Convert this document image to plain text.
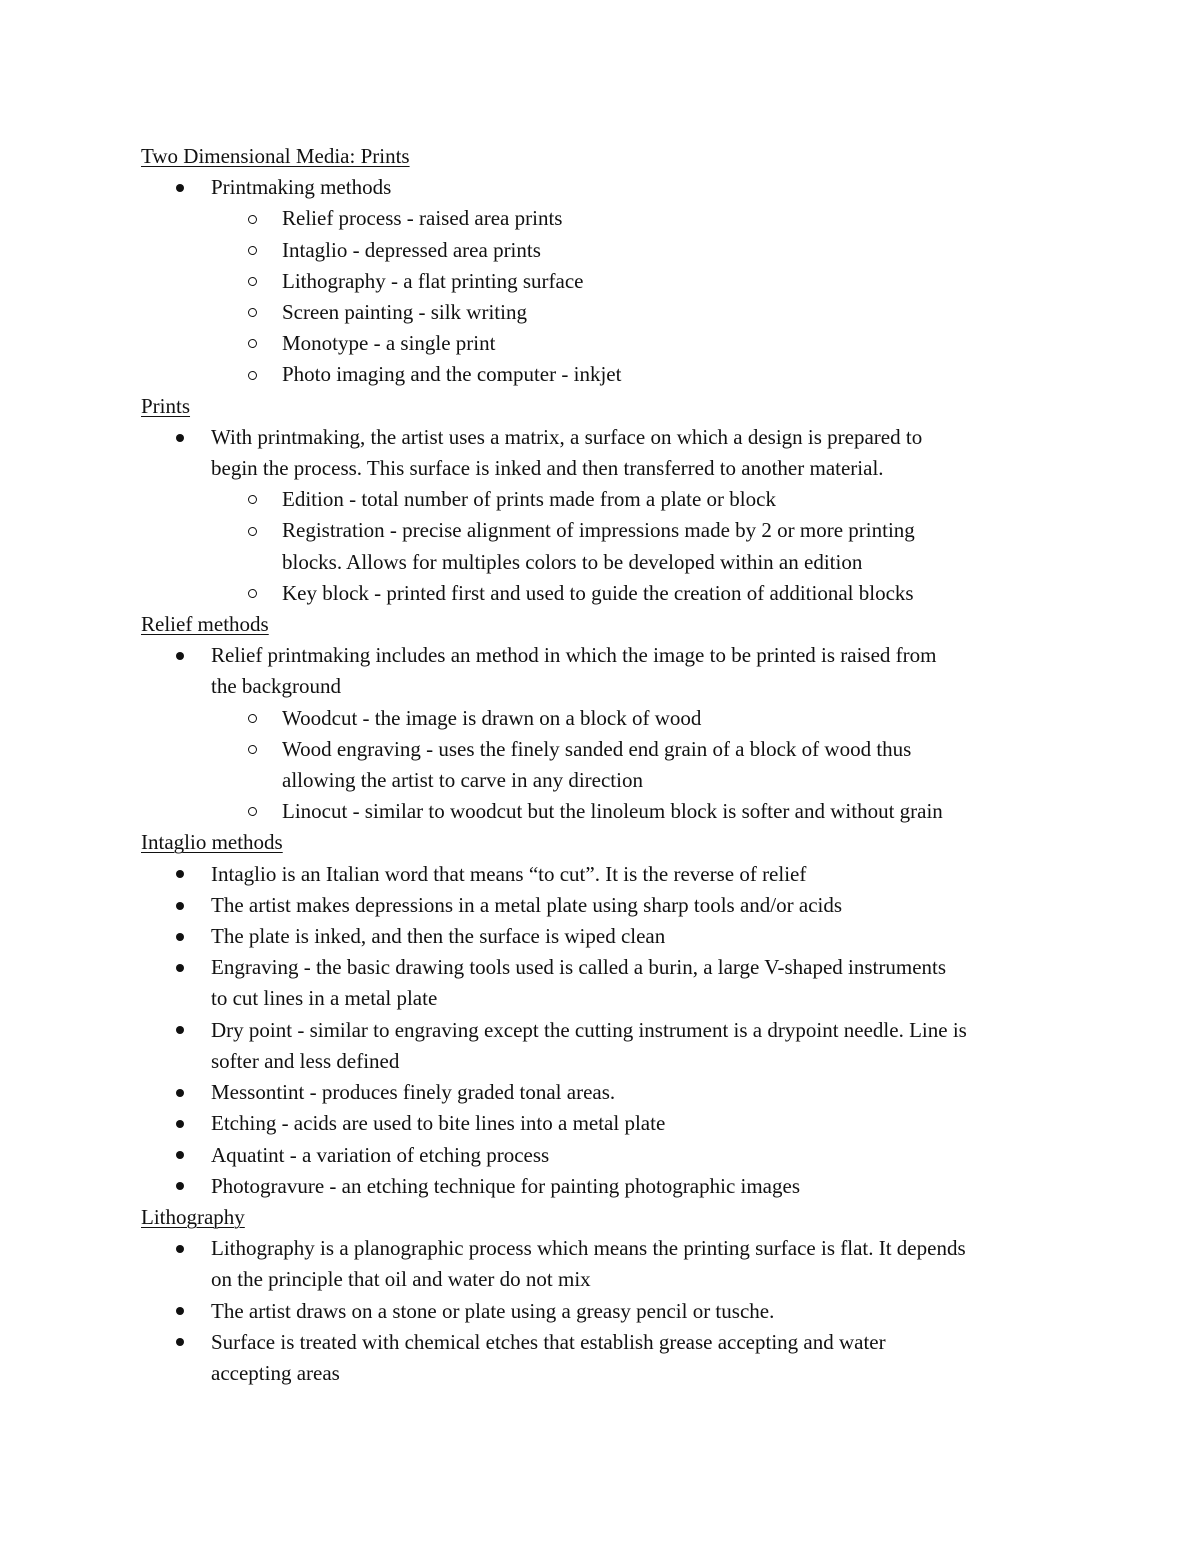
Two Dimensional Media: Prints
Printmaking methods
Relief process - raised area prints
Intaglio - depressed area prints
Lithography - a flat printing surface
Screen painting - silk writing
Monotype - a single print
Photo imaging and the computer - inkjet
Prints
With printmaking, the artist uses a matrix, a surface on which a design is prepared to
begin the process. This surface is inked and then transferred to another material.
Edition - total number of prints made from a plate or block
Registration - precise alignment of impressions made by 2 or more printing
blocks. Allows for multiples colors to be developed within an edition
Key block - printed first and used to guide the creation of additional blocks
Relief methods
Relief printmaking includes an method in which the image to be printed is raised from
the background
Woodcut - the image is drawn on a block of wood
Wood engraving - uses the finely sanded end grain of a block of wood thus
allowing the artist to carve in any direction
Linocut - similar to woodcut but the linoleum block is softer and without grain
Intaglio methods
Intaglio is an Italian word that means “to cut”. It is the reverse of relief
The artist makes depressions in a metal plate using sharp tools and/or acids
The plate is inked, and then the surface is wiped clean
Engraving - the basic drawing tools used is called a burin, a large V-shaped instruments
to cut lines in a metal plate
Dry point - similar to engraving except the cutting instrument is a drypoint needle. Line is
softer and less defined
Messontint - produces finely graded tonal areas.
Etching - acids are used to bite lines into a metal plate
Aquatint - a variation of etching process
Photogravure - an etching technique for painting photographic images
Lithography
Lithography is a planographic process which means the printing surface is flat. It depends
on the principle that oil and water do not mix
The artist draws on a stone or plate using a greasy pencil or tusche.
Surface is treated with chemical etches that establish grease accepting and water
accepting areas
